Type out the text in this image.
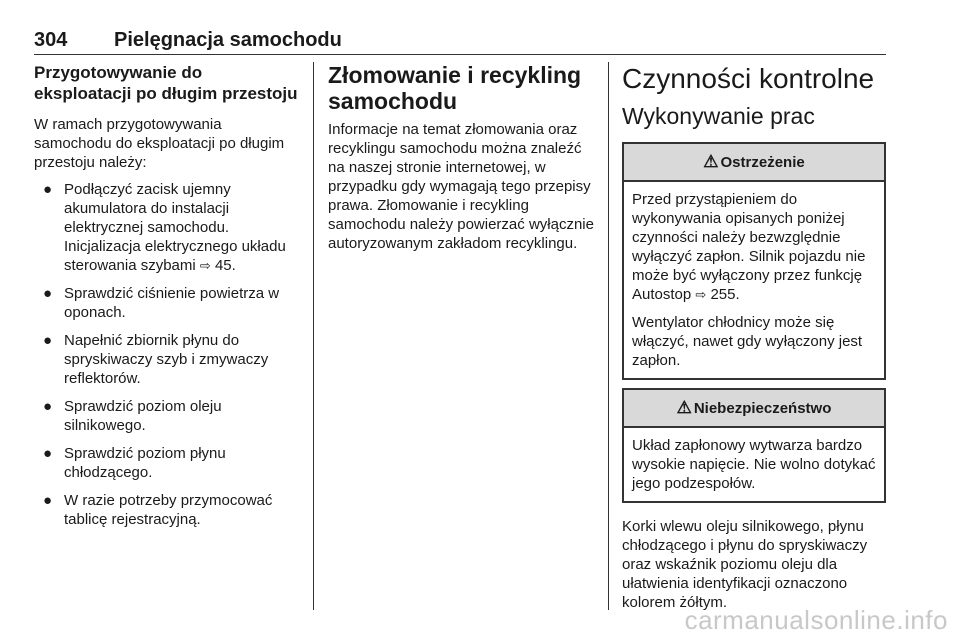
304 Pielęgnacja samochodu

Przygotowywanie do eksploatacji po długim przestoju

W ramach przygotowywania samochodu do eksploatacji po długim przestoju należy:

● Podłączyć zacisk ujemny akumulatora do instalacji elektrycznej samochodu. Inicjalizacja elektrycznego układu sterowania szybami ⇨ 45.
● Sprawdzić ciśnienie powietrza w oponach.
● Napełnić zbiornik płynu do spryskiwaczy szyb i zmywaczy reflektorów.
● Sprawdzić poziom oleju silnikowego.
● Sprawdzić poziom płynu chłodzącego.
● W razie potrzeby przymocować tablicę rejestracyjną.

Złomowanie i recykling samochodu

Informacje na temat złomowania oraz recyklingu samochodu można znaleźć na naszej stronie internetowej, w przypadku gdy wymagają tego przepisy prawa. Złomowanie i recykling samochodu należy powierzać wyłącznie autoryzowanym zakładom recyklingu.

Czynności kontrolne

Wykonywanie prac

⚠ Ostrzeżenie

Przed przystąpieniem do wykonywania opisanych poniżej czynności należy bezwzględnie wyłączyć zapłon. Silnik pojazdu nie może być wyłączony przez funkcję Autostop ⇨ 255.

Wentylator chłodnicy może się włączyć, nawet gdy wyłączony jest zapłon.

⚠ Niebezpieczeństwo

Układ zapłonowy wytwarza bardzo wysokie napięcie. Nie wolno dotykać jego podzespołów.

Korki wlewu oleju silnikowego, płynu chłodzącego i płynu do spryskiwaczy oraz wskaźnik poziomu oleju dla ułatwienia identyfikacji oznaczono kolorem żółtym.

carmanualsonline.info
